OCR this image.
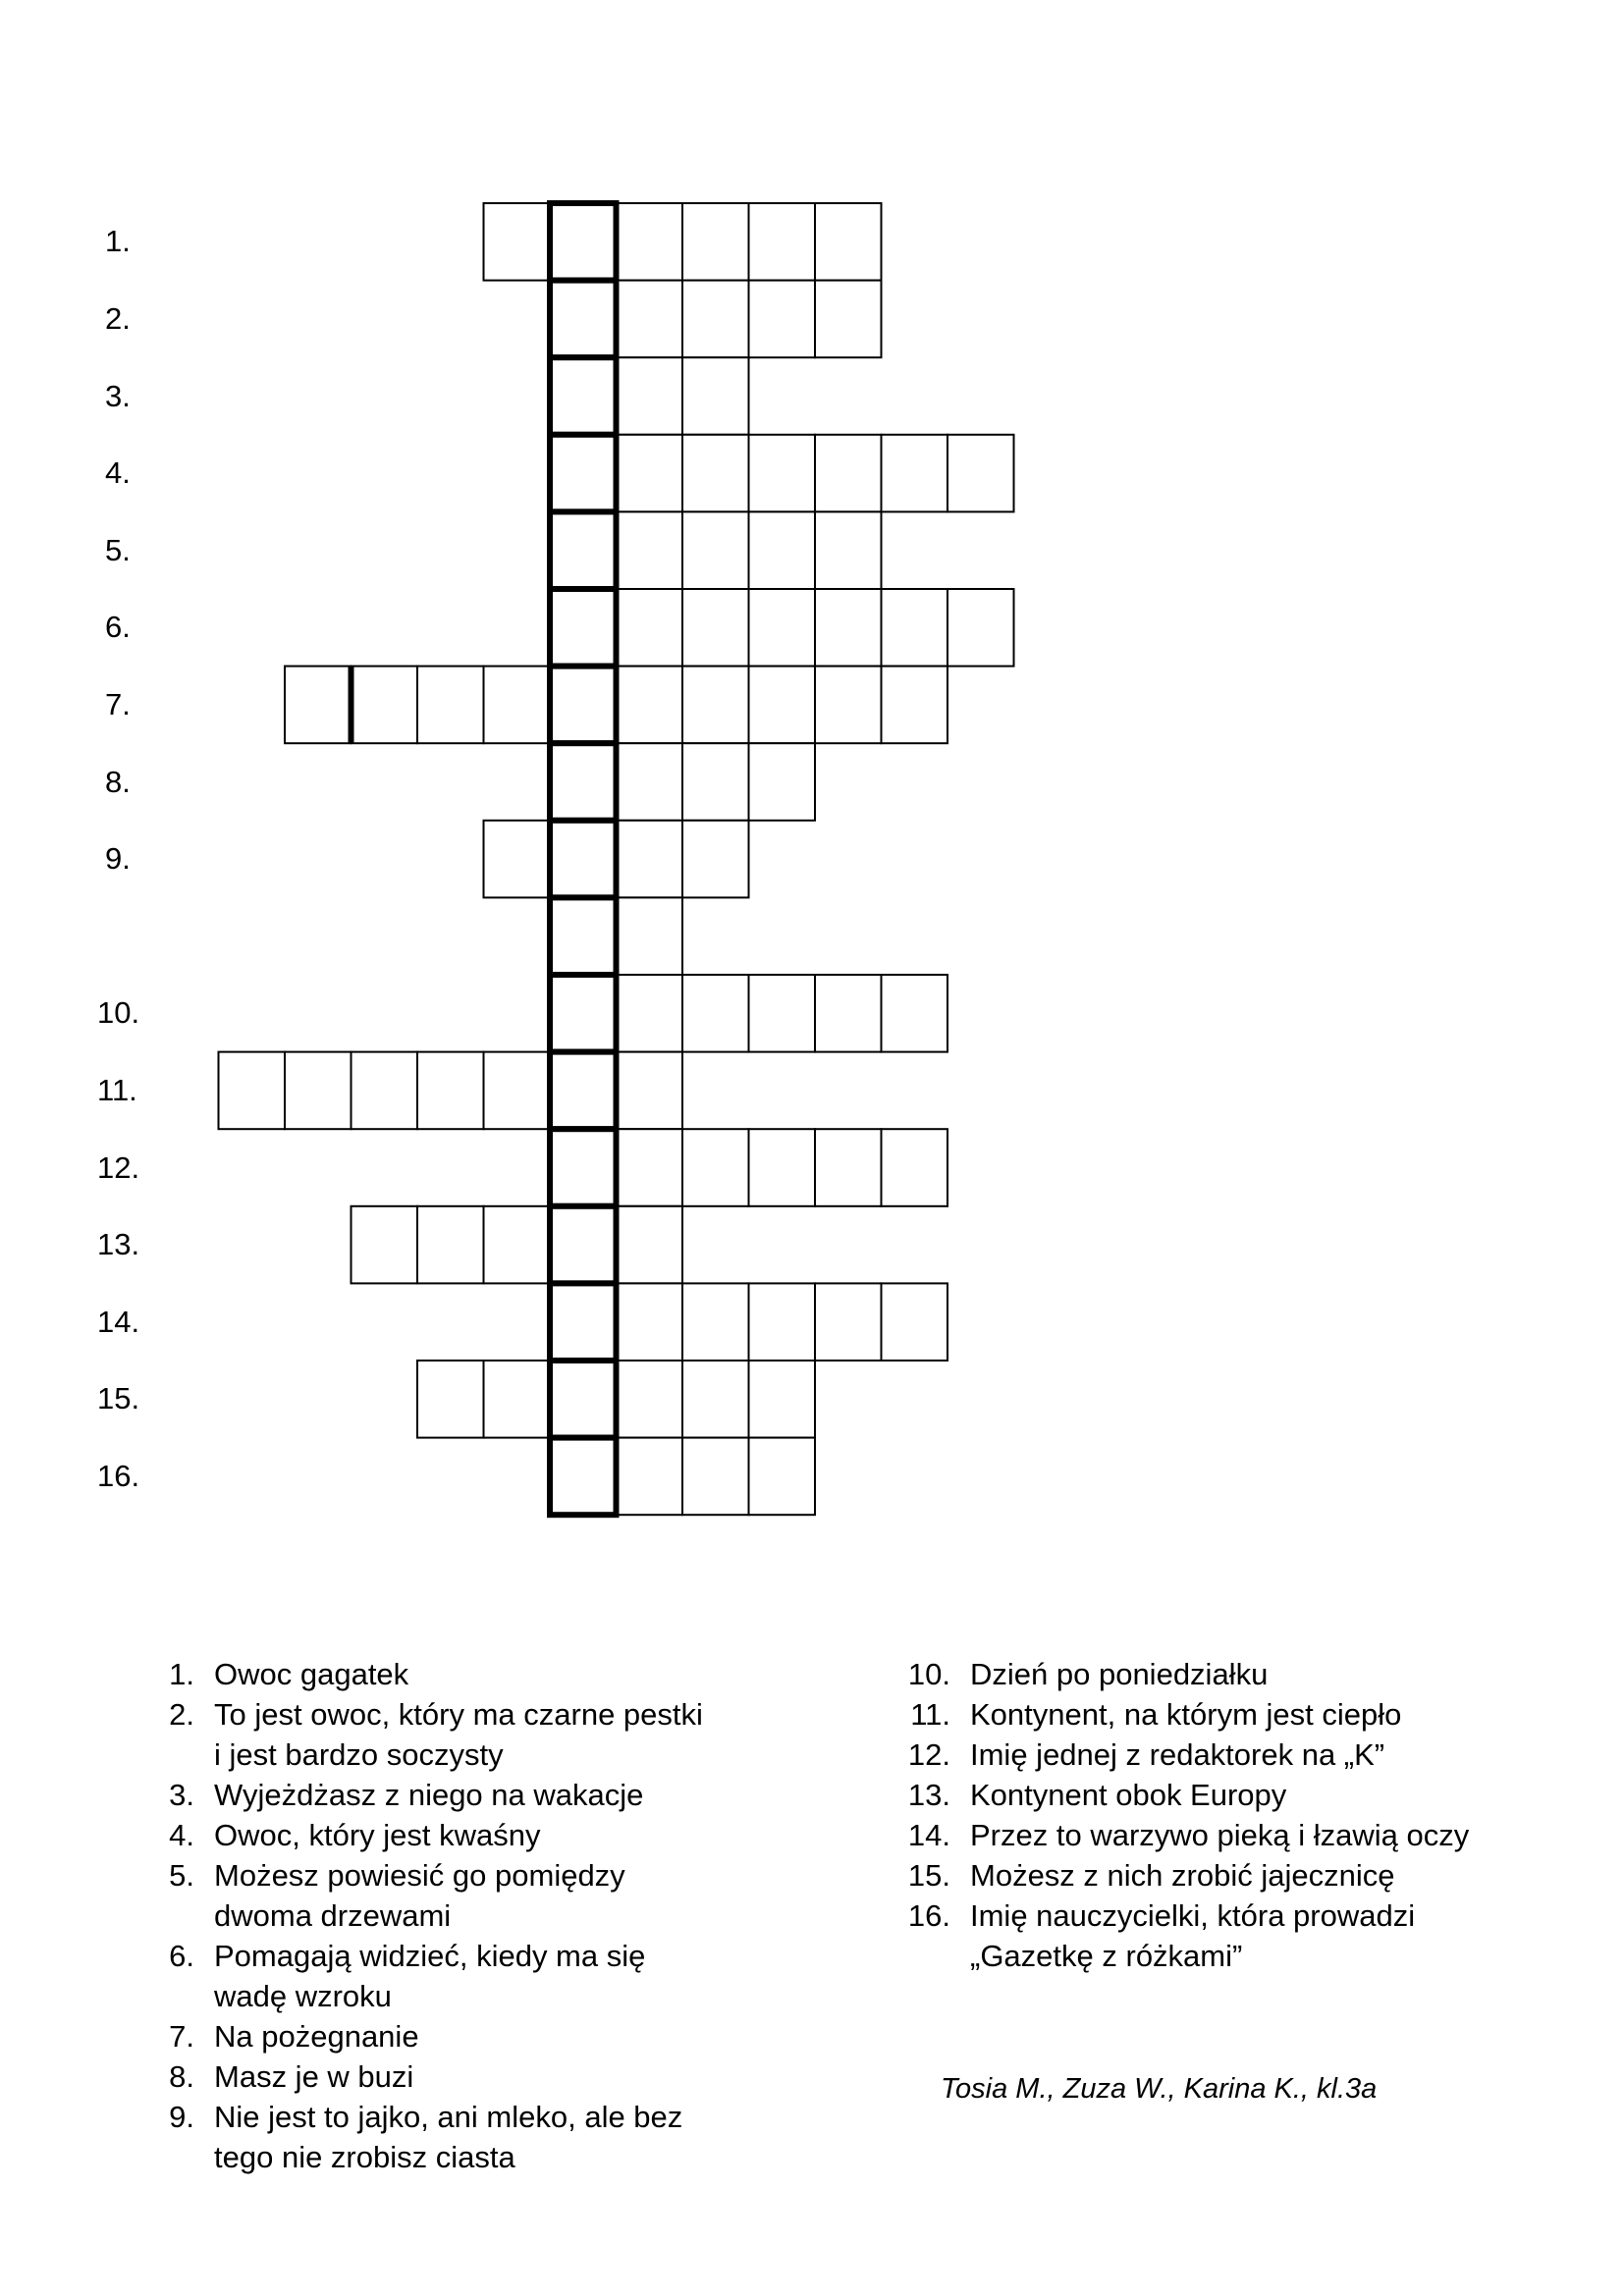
1.
2.
3.
4.
5.
6.
7.
8.
9.
10.
11.
12.
13.
14.
15.
16.
1. Owoc gagatek
2. To jest owoc, który ma czarne pestki
i jest bardzo soczysty
3. Wyjeżdżasz z niego na wakacje
4. Owoc, który jest kwaśny
5. Możesz powiesić go pomiędzy
dwoma drzewami
6. Pomagają widzieć, kiedy ma się
wadę wzroku
7. Na pożegnanie
8. Masz je w buzi
9. Nie jest to jajko, ani mleko, ale bez
tego nie zrobisz ciasta
10. Dzień po poniedziałku
11. Kontynent, na którym jest ciepło
12. Imię jednej z redaktorek na „K”
13. Kontynent obok Europy
14. Przez to warzywo pieką i łzawią oczy
15. Możesz z nich zrobić jajecznicę
16. Imię nauczycielki, która prowadzi
„Gazetkę z różkami”
Tosia M., Zuza W., Karina K., kl.3a
